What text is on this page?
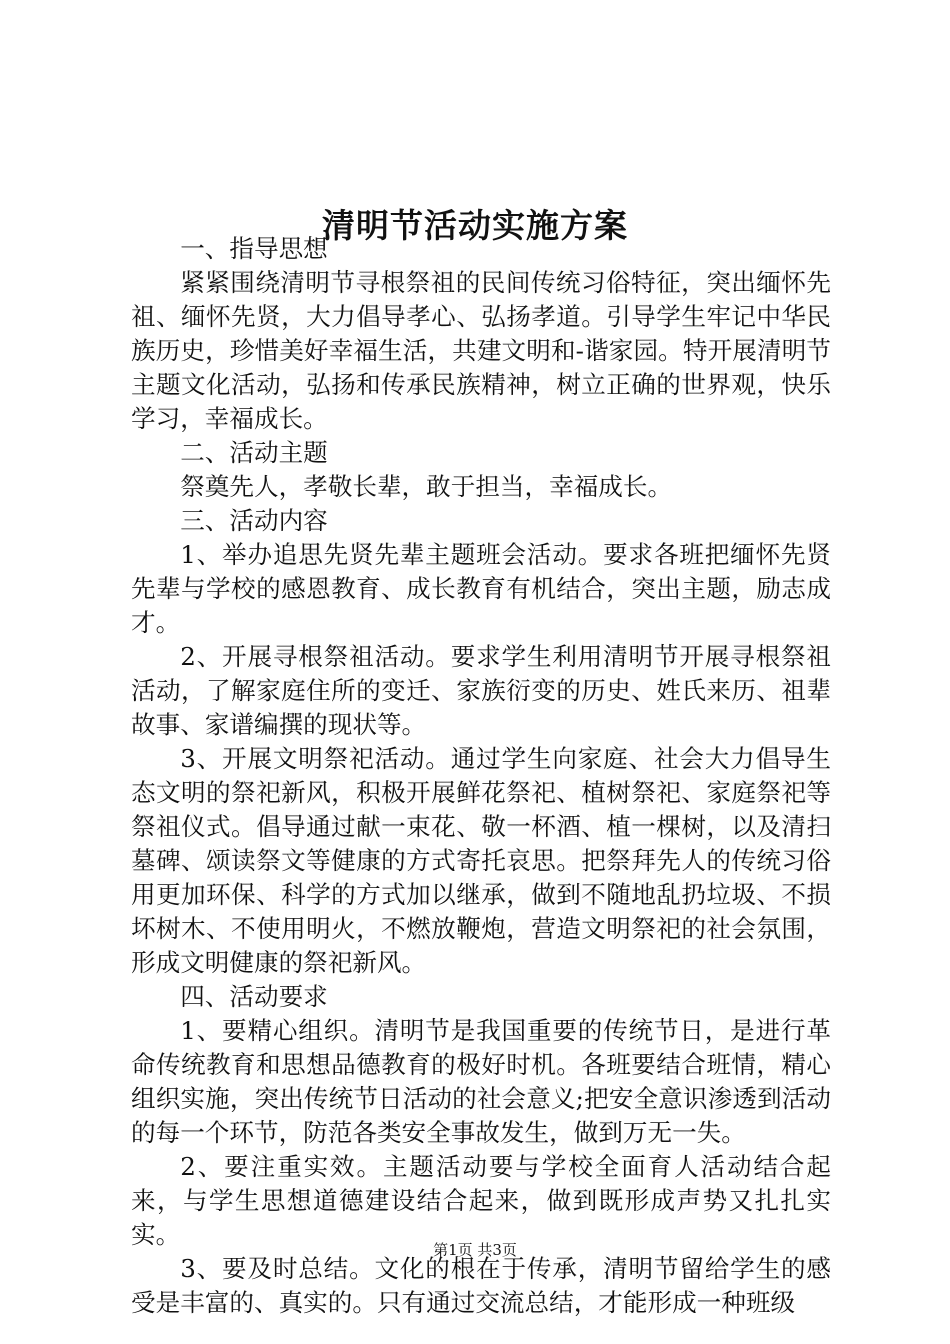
清明节活动实施方案

一、指导思想

紧紧围绕清明节寻根祭祖的民间传统习俗特征，突出缅怀先祖、缅怀先贤，大力倡导孝心、弘扬孝道。引导学生牢记中华民族历史，珍惜美好幸福生活，共建文明和-谐家园。特开展清明节主题文化活动，弘扬和传承民族精神，树立正确的世界观，快乐学习，幸福成长。

二、活动主题

祭奠先人，孝敬长辈，敢于担当，幸福成长。

三、活动内容

1、举办追思先贤先辈主题班会活动。要求各班把缅怀先贤先辈与学校的感恩教育、成长教育有机结合，突出主题，励志成才。

2、开展寻根祭祖活动。要求学生利用清明节开展寻根祭祖活动，了解家庭住所的变迁、家族衍变的历史、姓氏来历、祖辈故事、家谱编撰的现状等。

3、开展文明祭祀活动。通过学生向家庭、社会大力倡导生态文明的祭祀新风，积极开展鲜花祭祀、植树祭祀、家庭祭祀等祭祖仪式。倡导通过献一束花、敬一杯酒、植一棵树，以及清扫墓碑、颂读祭文等健康的方式寄托哀思。把祭拜先人的传统习俗用更加环保、科学的方式加以继承，做到不随地乱扔垃圾、不损坏树木、不使用明火，不燃放鞭炮，营造文明祭祀的社会氛围，形成文明健康的祭祀新风。

四、活动要求

1、要精心组织。清明节是我国重要的传统节日，是进行革命传统教育和思想品德教育的极好时机。各班要结合班情，精心组织实施，突出传统节日活动的社会意义;把安全意识渗透到活动的每一个环节，防范各类安全事故发生，做到万无一失。

2、要注重实效。主题活动要与学校全面育人活动结合起来，与学生思想道德建设结合起来，做到既形成声势又扎扎实实。

3、要及时总结。文化的根在于传承，清明节留给学生的感受是丰富的、真实的。只有通过交流总结，才能形成一种班级

第1页 共3页
